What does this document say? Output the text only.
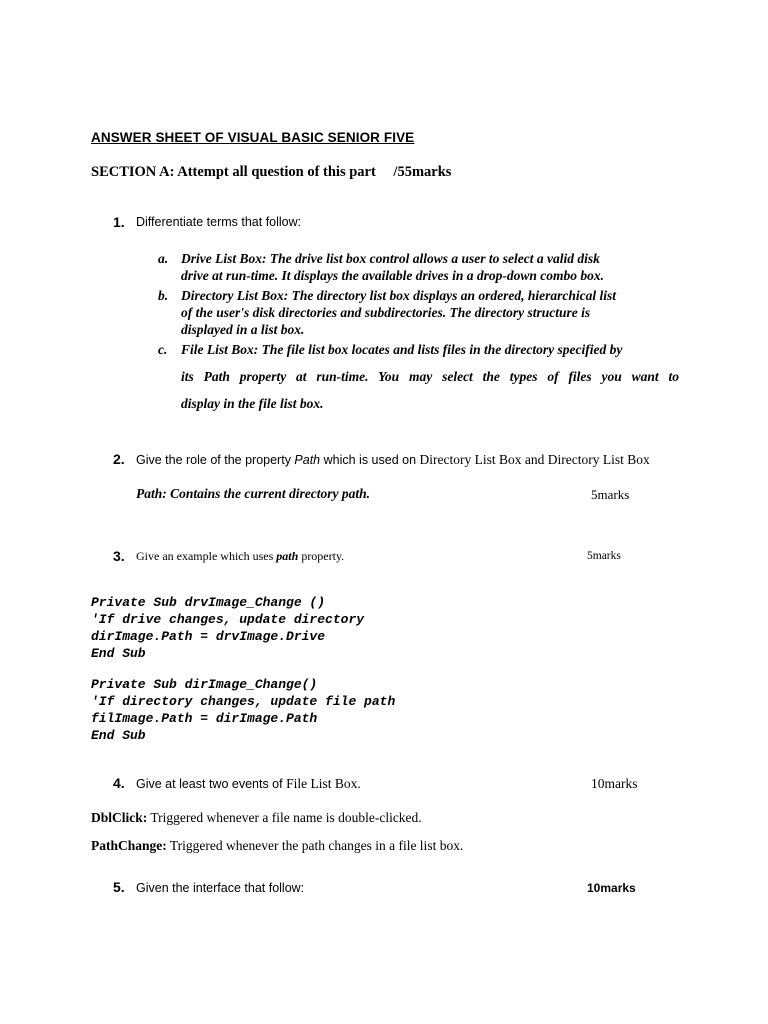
ANSWER SHEET OF VISUAL BASIC SENIOR FIVE
SECTION A: Attempt all question of this part /55marks
1. Differentiate terms that follow:
a. Drive List Box: The drive list box control allows a user to select a valid disk
drive at run-time. It displays the available drives in a drop-down combo box.
b. Directory List Box: The directory list box displays an ordered, hierarchical list
of the user's disk directories and subdirectories. The directory structure is
displayed in a list box.
c. File List Box: The file list box locates and lists files in the directory specified by
its Path property at run-time. You may select the types of files you want to
display in the file list box.
2. Give the role of the property Path which is used on Directory List Box and Directory List Box
Path: Contains the current directory path.	5marks
3. Give an example which uses path property.	5marks
Private Sub drvImage_Change ()
'If drive changes, update directory
dirImage.Path = drvImage.Drive
End Sub
Private Sub dirImage_Change()
'If directory changes, update file path
filImage.Path = dirImage.Path
End Sub
4. Give at least two events of File List Box.	10marks
DblClick: Triggered whenever a file name is double-clicked.
PathChange: Triggered whenever the path changes in a file list box.
5. Given the interface that follow:	10marks
